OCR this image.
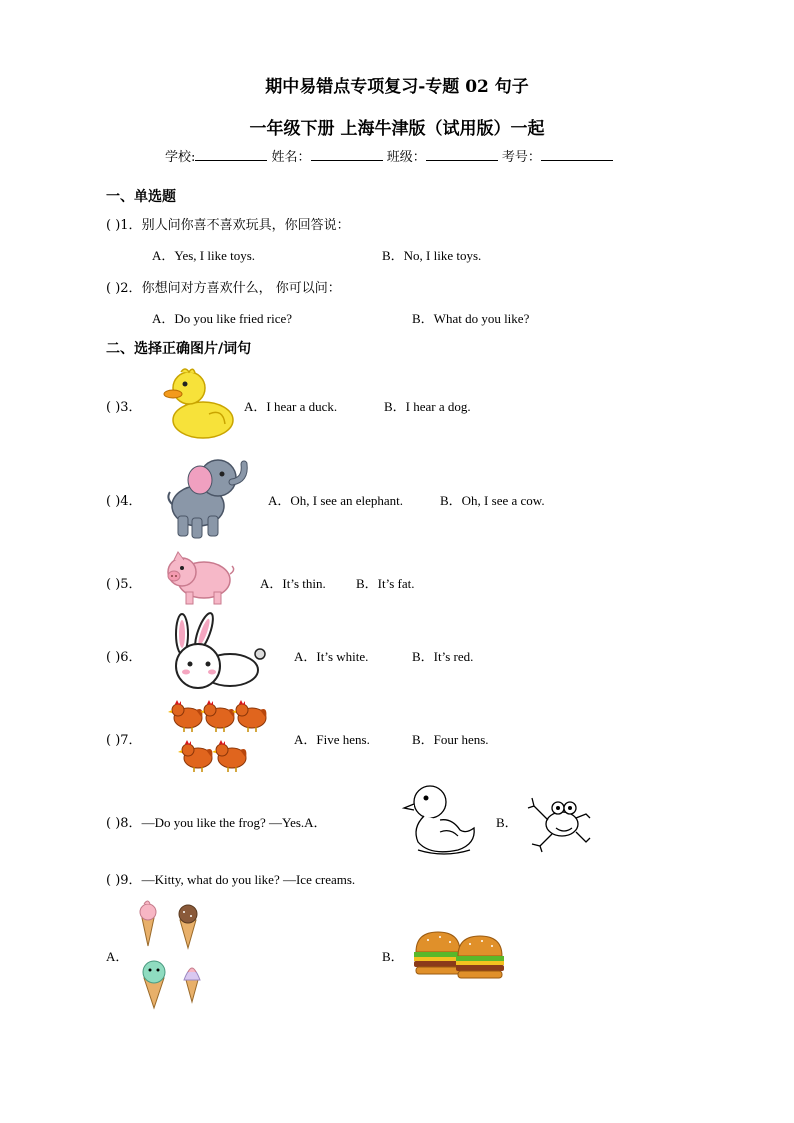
期中易错点专项复习-专题 02 句子
一年级下册 上海牛津版（试用版）一起
学校:	姓名：	班级：	考号：
一、单选题
( )1．别人问你喜不喜欢玩具，你回答说：
A．Yes, I like toys.	B．No, I like toys.
( )2．你想问对方喜欢什么， 你可以问：
A．Do you like fried rice?	B．What do you like?
二、选择正确图片/词句
( )3．	A．I hear a duck.	B．I hear a dog.
( )4．	A．Oh, I see an elephant.	B．Oh, I see a cow.
( )5．	A．It’s thin. B．It’s fat.
( )6．	A．It’s white.	B．It’s red.
( )7．	A．Five hens.	B．Four hens.
( )8．—Do you like the frog? —Yes.A．	B．
( )9．—Kitty, what do you like? —Ice creams.
A．	B．
